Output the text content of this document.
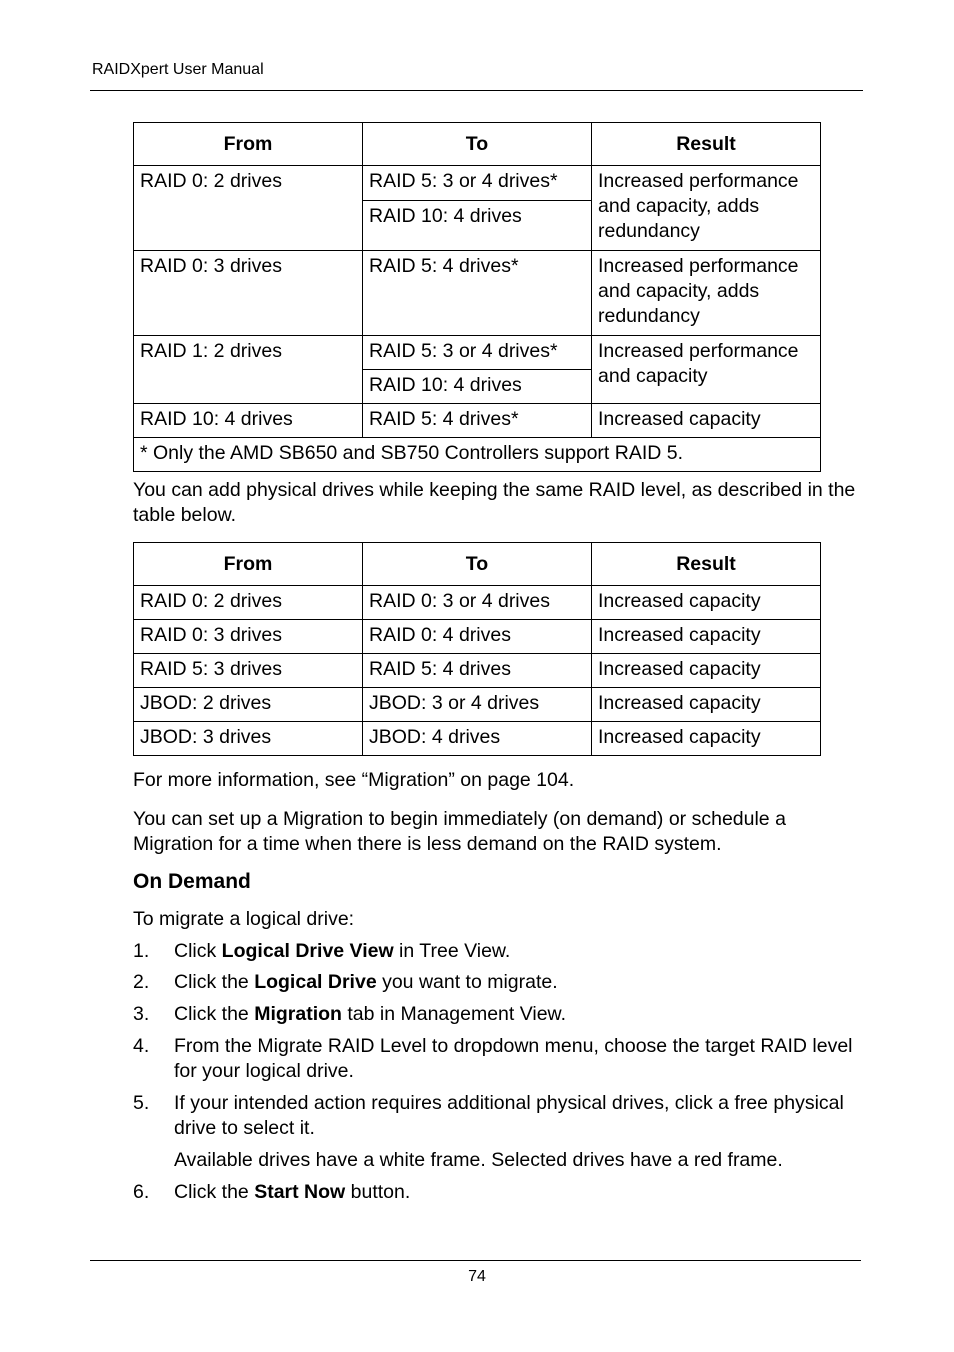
RAIDXpert User Manual
From	To	Result
RAID 0: 2 drives	RAID 5: 3 or 4 drives*	Increased performance and capacity, adds redundancy
	RAID 10: 4 drives	
RAID 0: 3 drives	RAID 5: 4 drives*	Increased performance and capacity, adds redundancy
RAID 1: 2 drives	RAID 5: 3 or 4 drives*	Increased performance and capacity
	RAID 10: 4 drives	
RAID 10: 4 drives	RAID 5: 4 drives*	Increased capacity
* Only the AMD SB650 and SB750 Controllers support RAID 5.		
You can add physical drives while keeping the same RAID level, as described in the table below.
From	To	Result
RAID 0: 2 drives	RAID 0: 3 or 4 drives	Increased capacity
RAID 0: 3 drives	RAID 0: 4 drives	Increased capacity
RAID 5: 3 drives	RAID 5: 4 drives	Increased capacity
JBOD: 2 drives	JBOD: 3 or 4 drives	Increased capacity
JBOD: 3 drives	JBOD: 4 drives	Increased capacity
For more information, see “Migration” on page 104.
You can set up a Migration to begin immediately (on demand) or schedule a Migration for a time when there is less demand on the RAID system.
On Demand
To migrate a logical drive:
1. Click Logical Drive View in Tree View.
2. Click the Logical Drive you want to migrate.
3. Click the Migration tab in Management View.
4. From the Migrate RAID Level to dropdown menu, choose the target RAID level for your logical drive.
5. If your intended action requires additional physical drives, click a free physical drive to select it.
Available drives have a white frame. Selected drives have a red frame.
6. Click the Start Now button.
74
